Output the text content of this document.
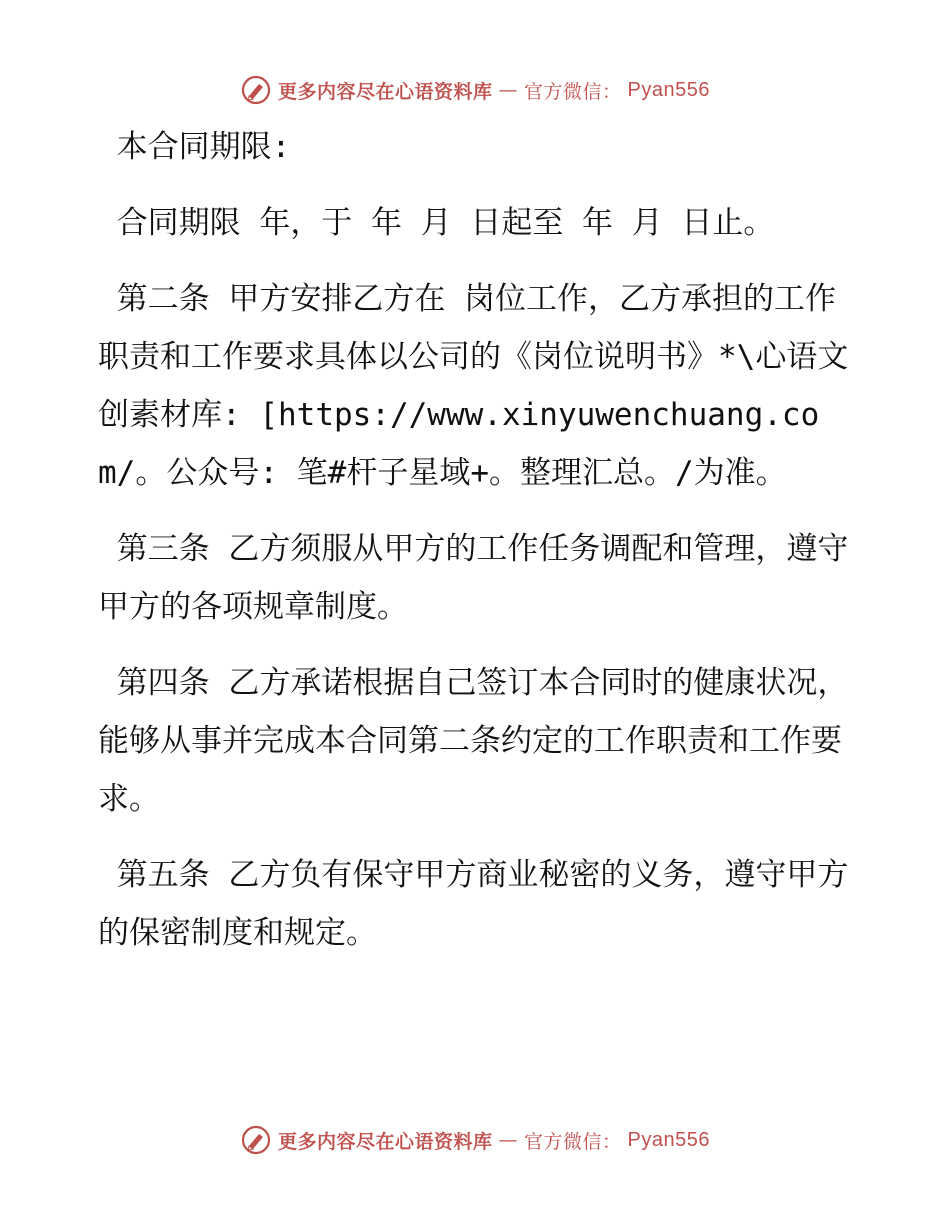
更多内容尽在心语资料库 — 官方微信： Pyan556

本合同期限:

合同期限 年，于 年 月 日起至 年 月 日止。

第二条 甲方安排乙方在 岗位工作，乙方承担的工作职责和工作要求具体以公司的《岗位说明书》*\心语文创素材库: [https://www.xinyuwenchuang.com/。公众号: 笔#杆子星域+。整理汇总。/为准。

第三条 乙方须服从甲方的工作任务调配和管理，遵守甲方的各项规章制度。

第四条 乙方承诺根据自己签订本合同时的健康状况，能够从事并完成本合同第二条约定的工作职责和工作要求。

第五条 乙方负有保守甲方商业秘密的义务，遵守甲方的保密制度和规定。

更多内容尽在心语资料库 — 官方微信： Pyan556
